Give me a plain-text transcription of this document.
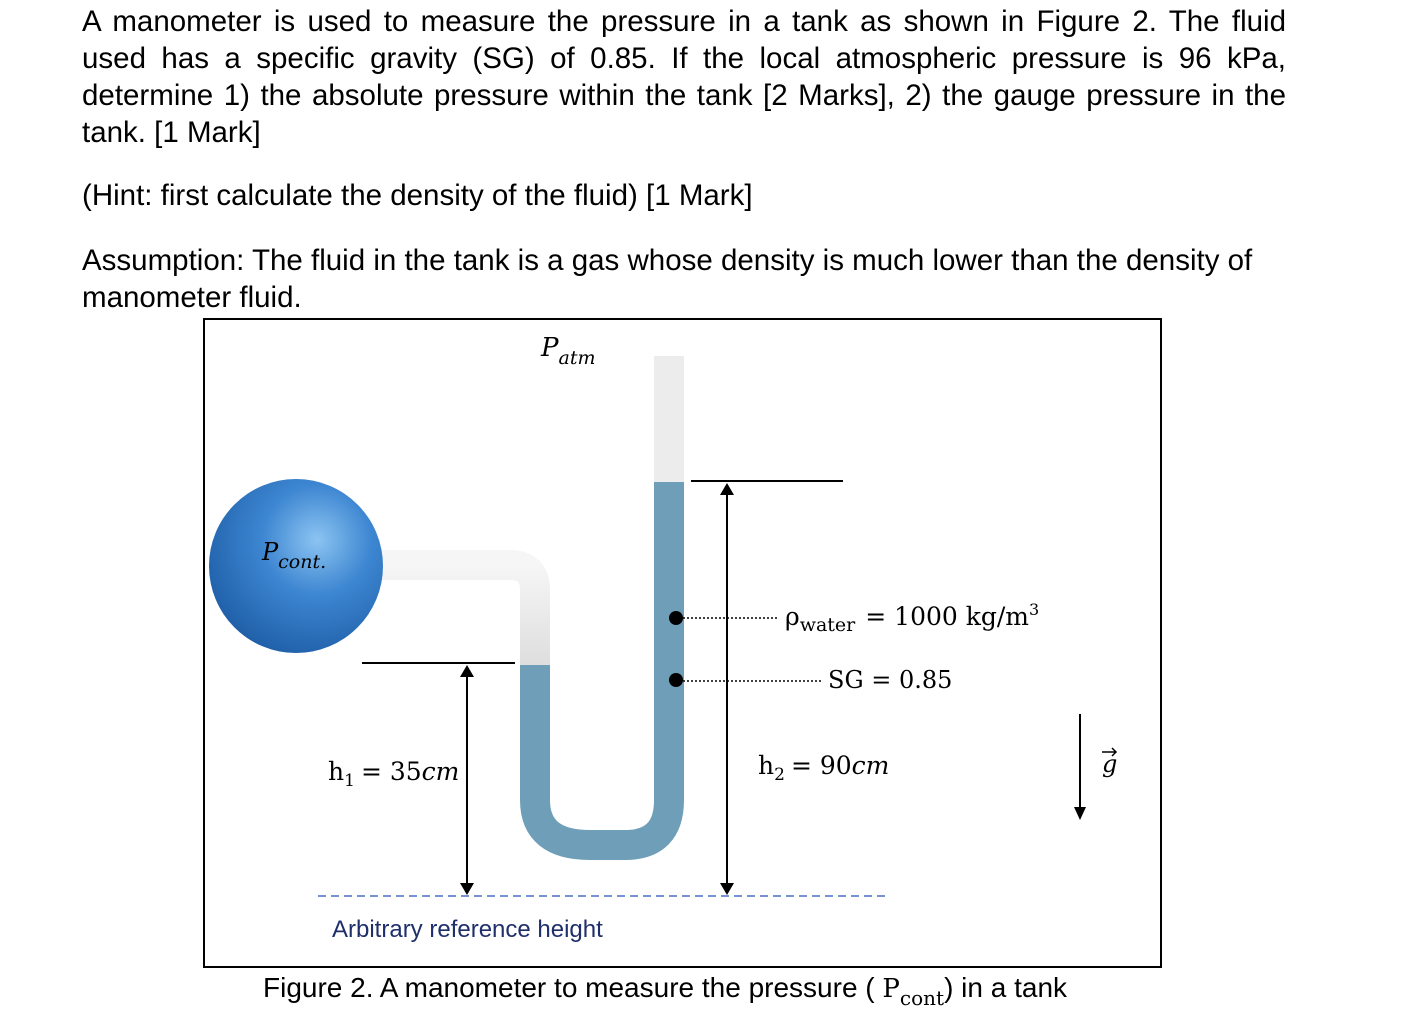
A manometer is used to measure the pressure in a tank as shown in Figure 2. The fluid used has a specific gravity (SG) of 0.85. If the local atmospheric pressure is 96 kPa, determine 1) the absolute pressure within the tank [2 Marks], 2) the gauge pressure in the tank. [1 Mark]
(Hint: first calculate the density of the fluid) [1 Mark]
Assumption: The fluid in the tank is a gas whose density is much lower than the density of manometer fluid.
$P_{atm}$
$P_{cont.}$
$h_1 = 35cm$	$h_2 = 90cm$
$\rho_{water} = 1000$ $kg/m^3$
SG = 0.85
g
Arbitrary reference height
Figure 2. A manometer to measure the pressure ( $P_{cont}$) in a tank
